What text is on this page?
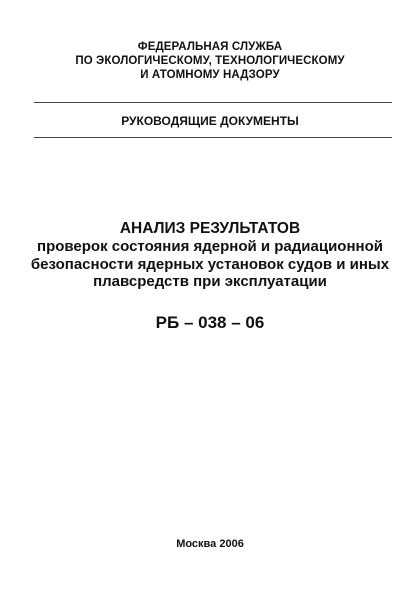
ФЕДЕРАЛЬНАЯ СЛУЖБА
ПО ЭКОЛОГИЧЕСКОМУ, ТЕХНОЛОГИЧЕСКОМУ
И АТОМНОМУ НАДЗОРУ
РУКОВОДЯЩИЕ ДОКУМЕНТЫ
АНАЛИЗ РЕЗУЛЬТАТОВ
проверок состояния ядерной и радиационной
безопасности ядерных установок судов и иных
плавсредств при эксплуатации
РБ – 038 – 06
Москва 2006
